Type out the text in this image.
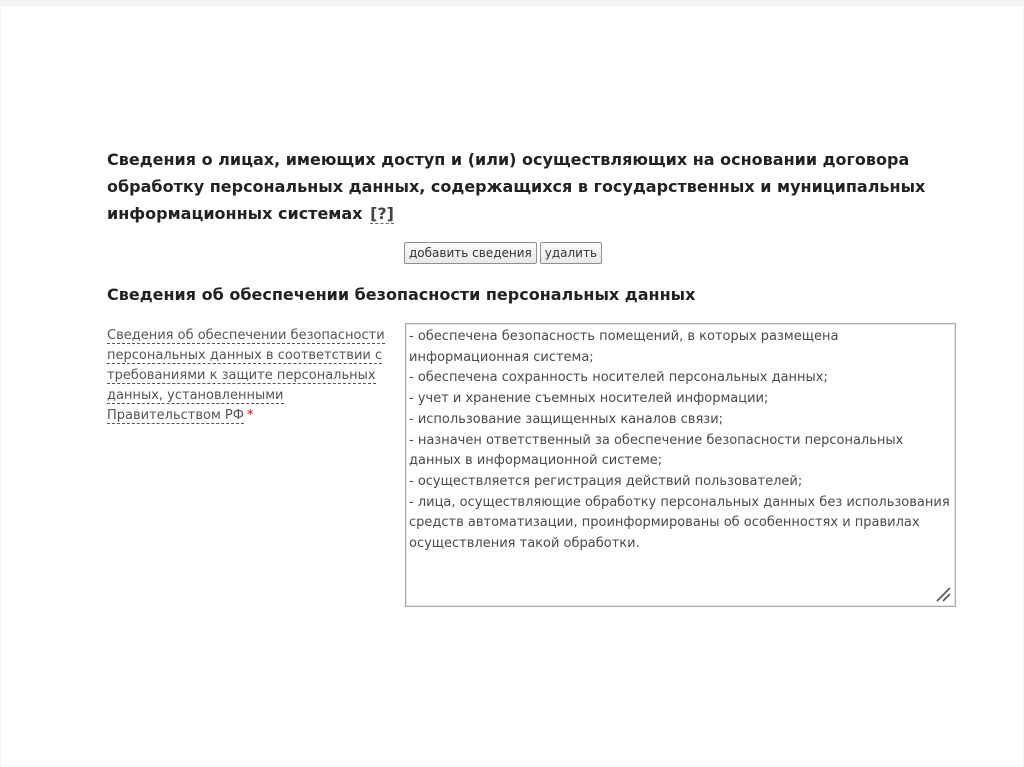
Сведения о лицах, имеющих доступ и (или) осуществляющих на основании договора обработку персональных данных, содержащихся в государственных и муниципальных информационных системах [?]
добавить сведения	удалить
Сведения об обеспечении безопасности персональных данных
Сведения об обеспечении безопасности персональных данных в соответствии с требованиями к защите персональных данных, установленными Правительством РФ *
- обеспечена безопасность помещений, в которых размещена информационная система;
- обеспечена сохранность носителей персональных данных;
- учет и хранение съемных носителей информации;
- использование защищенных каналов связи;
- назначен ответственный за обеспечение безопасности персональных данных в информационной системе;
- осуществляется регистрация действий пользователей;
- лица, осуществляющие обработку персональных данных без использования средств автоматизации, проинформированы об особенностях и правилах осуществления такой обработки.
